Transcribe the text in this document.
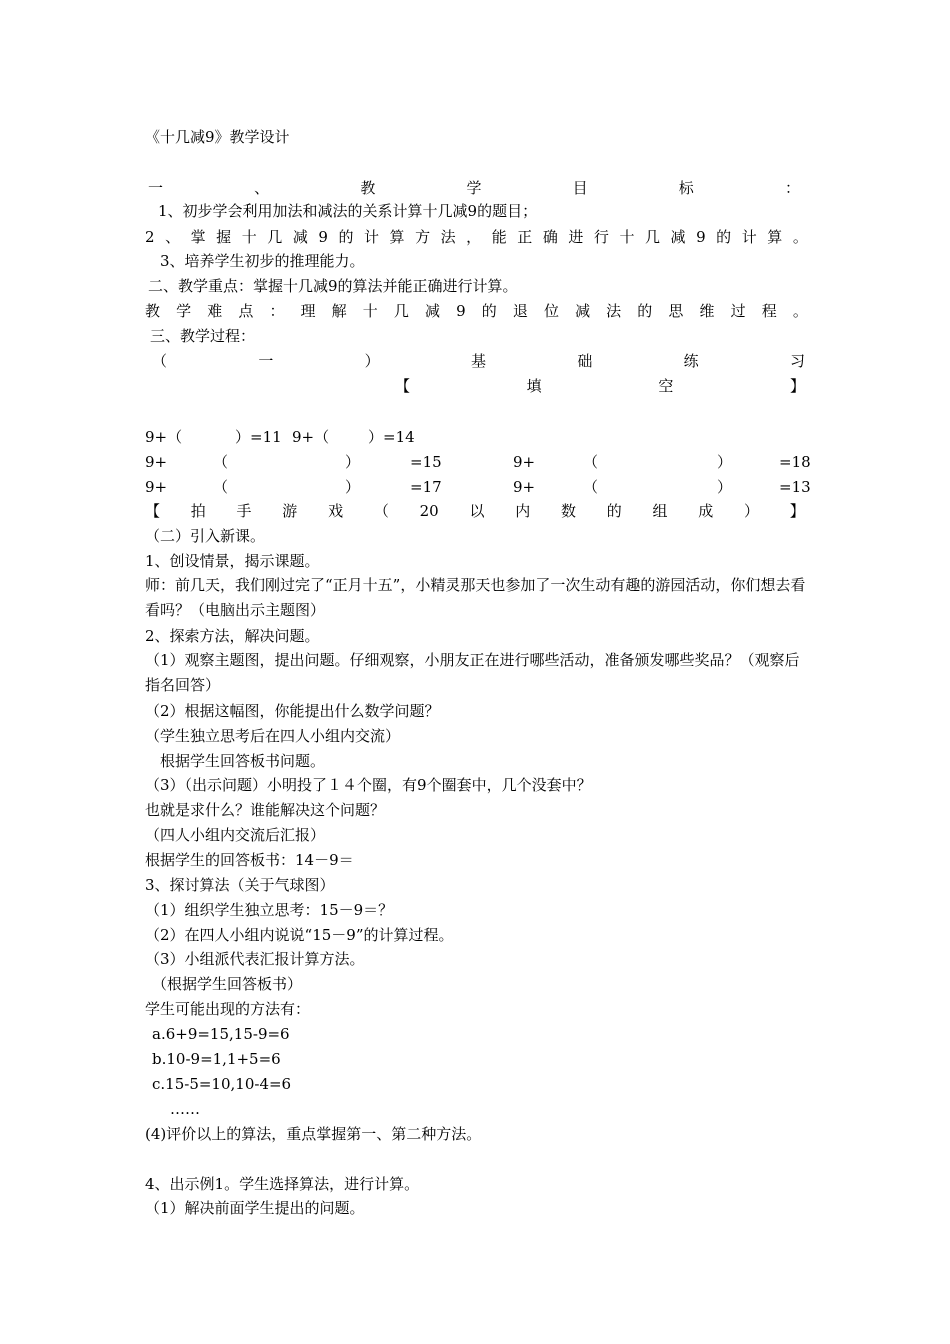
《十几减9》教学设计
一	、	教	学	目	标	：
1、初步学会利用加法和减法的关系计算十几减9的题目；
2 、 掌 握 十 几 减 9 的 计 算 方 法 ， 能 正 确 进 行 十 几 减 9 的 计 算 。
3、培养学生初步的推理能力。
二、教学重点：掌握十几减9的算法并能正确进行计算。
教 学 难 点 ： 理 解 十 几 减 9 的 退 位 减 法 的 思 维 过 程 。
三、教学过程：
（	一	）	基	础	练	习
【	填	空	】
9+（	）=11 9+（	）=14
9+	（	）	=15	9+	（	）	=18
9+	（	）	=17	9+	（	）	=13
【 拍 手 游 戏 （ 20 以 内 数 的 组 成 ） 】
（二）引入新课。
1、创设情景，揭示课题。
师：前几天，我们刚过完了“正月十五”，小精灵那天也参加了一次生动有趣的游园活动，你们想去看看吗？（电脑出示主题图）
2、探索方法，解决问题。
（1）观察主题图，提出问题。仔细观察，小朋友正在进行哪些活动，准备颁发哪些奖品？（观察后指名回答）
（2）根据这幅图，你能提出什么数学问题？
（学生独立思考后在四人小组内交流）
根据学生回答板书问题。
（3）（出示问题）小明投了１４个圈，有9个圈套中，几个没套中？
也就是求什么？谁能解决这个问题？
（四人小组内交流后汇报）
根据学生的回答板书：14－9＝
3、探讨算法（关于气球图）
（1）组织学生独立思考：15－9＝？
（2）在四人小组内说说“15－9”的计算过程。
（3）小组派代表汇报计算方法。
（根据学生回答板书）
学生可能出现的方法有：
a.6+9=15,15-9=6
b.10-9=1,1+5=6
c.15-5=10,10-4=6
……
(4)评价以上的算法，重点掌握第一、第二种方法。
4、出示例1。学生选择算法，进行计算。
（1）解决前面学生提出的问题。
